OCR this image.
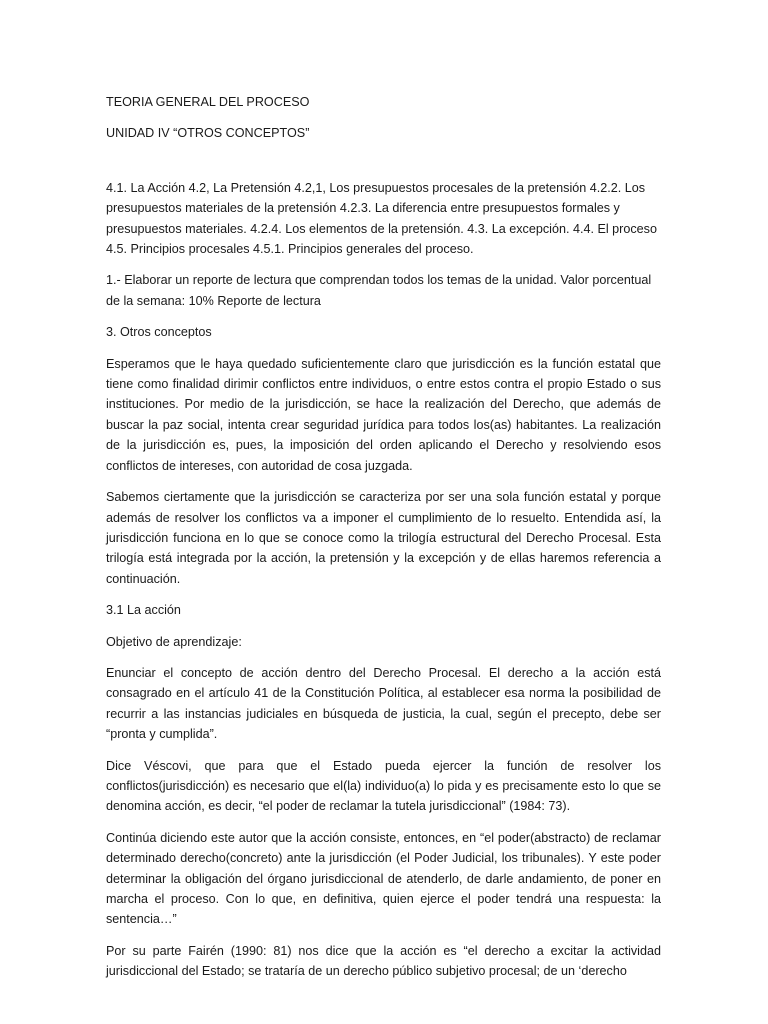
TEORIA GENERAL DEL PROCESO

UNIDAD IV “OTROS CONCEPTOS”

4.1. La Acción 4.2, La Pretensión 4.2,1, Los presupuestos procesales de la pretensión 4.2.2. Los presupuestos materiales de la pretensión 4.2.3. La diferencia entre presupuestos formales y presupuestos materiales. 4.2.4. Los elementos de la pretensión. 4.3. La excepción. 4.4. El proceso 4.5. Principios procesales 4.5.1. Principios generales del proceso.

1.- Elaborar un reporte de lectura que comprendan todos los temas de la unidad. Valor porcentual de la semana: 10% Reporte de lectura

3. Otros conceptos

Esperamos que le haya quedado suficientemente claro que jurisdicción es la función estatal que tiene como finalidad dirimir conflictos entre individuos, o entre estos contra el propio Estado o sus instituciones. Por medio de la jurisdicción, se hace la realización del Derecho, que además de buscar la paz social, intenta crear seguridad jurídica para todos los(as) habitantes. La realización de la jurisdicción es, pues, la imposición del orden aplicando el Derecho y resolviendo esos conflictos de intereses, con autoridad de cosa juzgada.

Sabemos ciertamente que la jurisdicción se caracteriza por ser una sola función estatal y porque además de resolver los conflictos va a imponer el cumplimiento de lo resuelto. Entendida así, la jurisdicción funciona en lo que se conoce como la trilogía estructural del Derecho Procesal. Esta trilogía está integrada por la acción, la pretensión y la excepción y de ellas haremos referencia a continuación.

3.1 La acción

Objetivo de aprendizaje:

Enunciar el concepto de acción dentro del Derecho Procesal. El derecho a la acción está consagrado en el artículo 41 de la Constitución Política, al establecer esa norma la posibilidad de recurrir a las instancias judiciales en búsqueda de justicia, la cual, según el precepto, debe ser “pronta y cumplida”.

Dice Véscovi, que para que el Estado pueda ejercer la función de resolver los conflictos(jurisdicción) es necesario que el(la) individuo(a) lo pida y es precisamente esto lo que se denomina acción, es decir, “el poder de reclamar la tutela jurisdiccional” (1984: 73).

Continúa diciendo este autor que la acción consiste, entonces, en “el poder(abstracto) de reclamar determinado derecho(concreto) ante la jurisdicción (el Poder Judicial, los tribunales). Y este poder determinar la obligación del órgano jurisdiccional de atenderlo, de darle andamiento, de poner en marcha el proceso. Con lo que, en definitiva, quien ejerce el poder tendrá una respuesta: la sentencia…”

Por su parte Fairén (1990: 81) nos dice que la acción es “el derecho a excitar la actividad jurisdiccional del Estado; se trataría de un derecho público subjetivo procesal; de un ‘derecho
